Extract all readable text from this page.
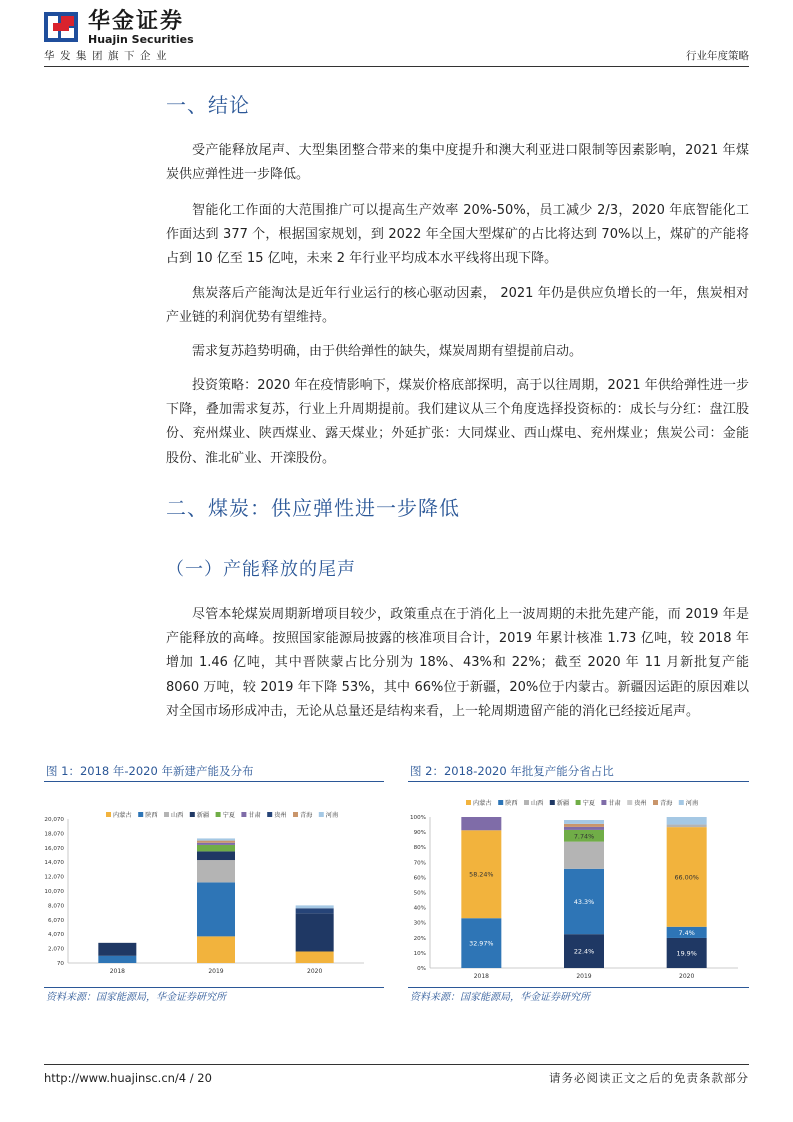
华金证券
Huajin Securities
华发集团旗下企业	行业年度策略
一、结论

受产能释放尾声、大型集团整合带来的集中度提升和澳大利亚进口限制等因素影响，2021 年煤炭供应弹性进一步降低。

智能化工作面的大范围推广可以提高生产效率 20%-50%，员工减少 2/3，2020 年底智能化工作面达到 377 个，根据国家规划，到 2022 年全国大型煤矿的占比将达到 70%以上，煤矿的产能将占到 10 亿至 15 亿吨，未来 2 年行业平均成本水平线将出现下降。

焦炭落后产能淘汰是近年行业运行的核心驱动因素， 2021 年仍是供应负增长的一年，焦炭相对产业链的利润优势有望维持。

需求复苏趋势明确，由于供给弹性的缺失，煤炭周期有望提前启动。

投资策略：2020 年在疫情影响下，煤炭价格底部探明，高于以往周期，2021 年供给弹性进一步下降，叠加需求复苏，行业上升周期提前。我们建议从三个角度选择投资标的：成长与分红：盘江股份、兖州煤业、陕西煤业、露天煤业；外延扩张：大同煤业、西山煤电、兖州煤业；焦炭公司：金能股份、淮北矿业、开滦股份。

二、煤炭：供应弹性进一步降低
（一）产能释放的尾声

尽管本轮煤炭周期新增项目较少，政策重点在于消化上一波周期的未批先建产能，而 2019 年是产能释放的高峰。按照国家能源局披露的核准项目合计，2019 年累计核准 1.73 亿吨，较 2018 年增加 1.46 亿吨，其中晋陕蒙占比分别为 18%、43%和 22%；截至 2020 年 11 月新批复产能 8060 万吨，较 2019 年下降 53%，其中 66%位于新疆，20%位于内蒙古。新疆因运距的原因难以对全国市场形成冲击，无论从总量还是结构来看，上一轮周期遗留产能的消化已经接近尾声。

图 1：2018 年-2020 年新建产能及分布
内蒙古 陕西 山西 新疆 宁夏 甘肃 贵州 青海 河南
20,070
18,070
16,070
14,070
12,070
10,070
8,070
6,070
4,070
2,070
70
2018	2019	2020
资料来源：国家能源局，华金证券研究所
图 2：2018-2020 年批复产能分省占比
内蒙古 陕西 山西 新疆 宁夏 甘肃 贵州 青海 河南
100%
90%
80%
70%
60%
50%
40%
30%
20%
10%
0%
32.97%
58.24%
2018
22.4%
43.3%
7.74%
2019
19.9%
7.4%
66.00%
2020
资料来源：国家能源局，华金证券研究所
http://www.huajinsc.cn/4 / 20	请务必阅读正文之后的免责条款部分
